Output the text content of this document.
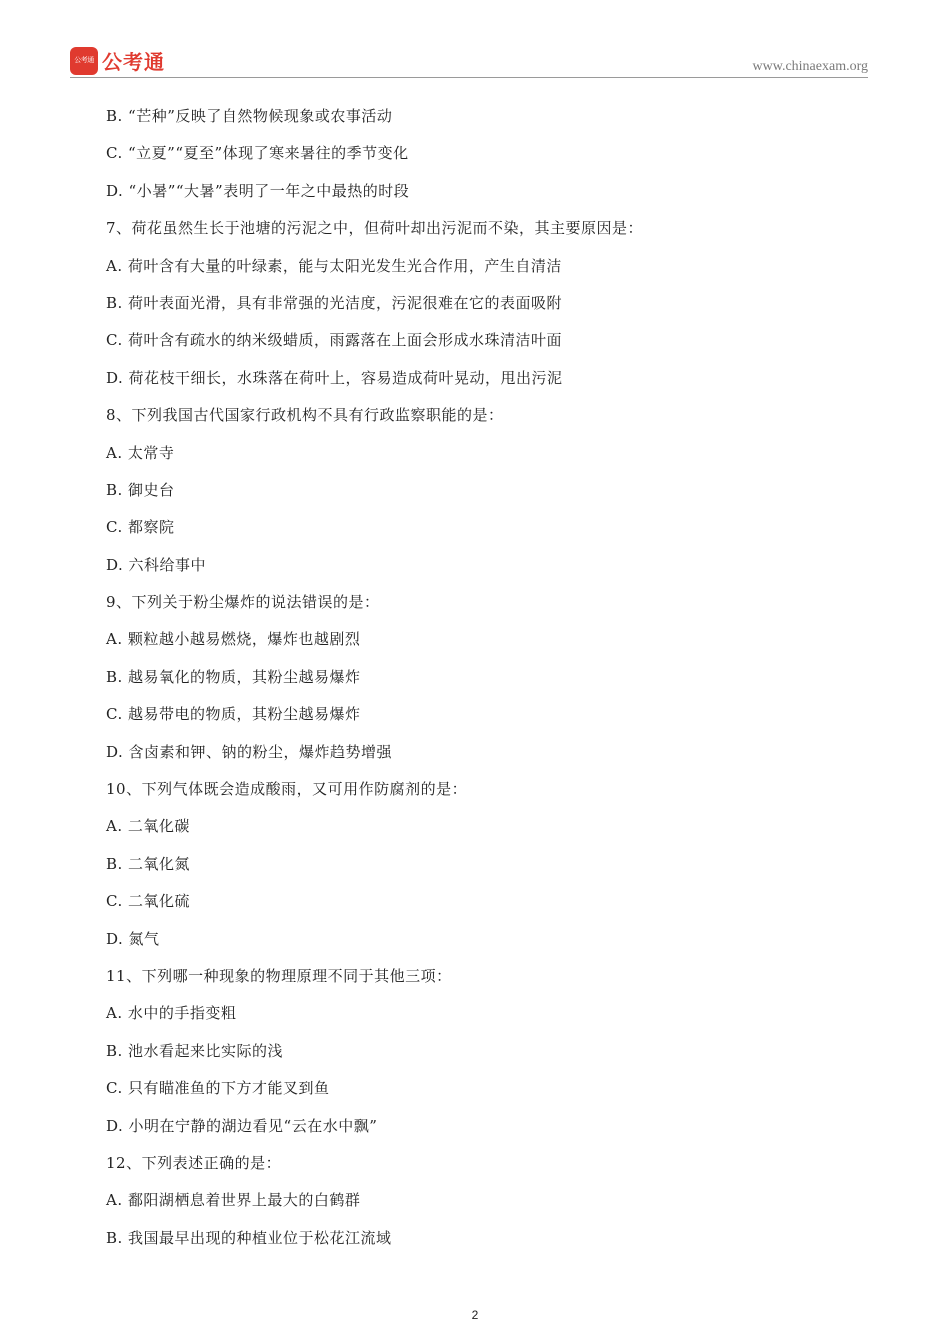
公考通 公考通	www.chinaexam.org
B. “芒种”反映了自然物候现象或农事活动
C. “立夏”“夏至”体现了寒来暑往的季节变化
D. “小暑”“大暑”表明了一年之中最热的时段
7、荷花虽然生长于池塘的污泥之中，但荷叶却出污泥而不染，其主要原因是：
A. 荷叶含有大量的叶绿素，能与太阳光发生光合作用，产生自清洁
B. 荷叶表面光滑，具有非常强的光洁度，污泥很难在它的表面吸附
C. 荷叶含有疏水的纳米级蜡质，雨露落在上面会形成水珠清洁叶面
D. 荷花枝干细长，水珠落在荷叶上，容易造成荷叶晃动，甩出污泥
8、下列我国古代国家行政机构不具有行政监察职能的是：
A. 太常寺
B. 御史台
C. 都察院
D. 六科给事中
9、下列关于粉尘爆炸的说法错误的是：
A. 颗粒越小越易燃烧，爆炸也越剧烈
B. 越易氧化的物质，其粉尘越易爆炸
C. 越易带电的物质，其粉尘越易爆炸
D. 含卤素和钾、钠的粉尘，爆炸趋势增强
10、下列气体既会造成酸雨，又可用作防腐剂的是：
A. 二氧化碳
B. 二氧化氮
C. 二氧化硫
D. 氮气
11、下列哪一种现象的物理原理不同于其他三项：
A. 水中的手指变粗
B. 池水看起来比实际的浅
C. 只有瞄准鱼的下方才能叉到鱼
D. 小明在宁静的湖边看见“云在水中飘”
12、下列表述正确的是：
A. 鄱阳湖栖息着世界上最大的白鹤群
B. 我国最早出现的种植业位于松花江流域
2
